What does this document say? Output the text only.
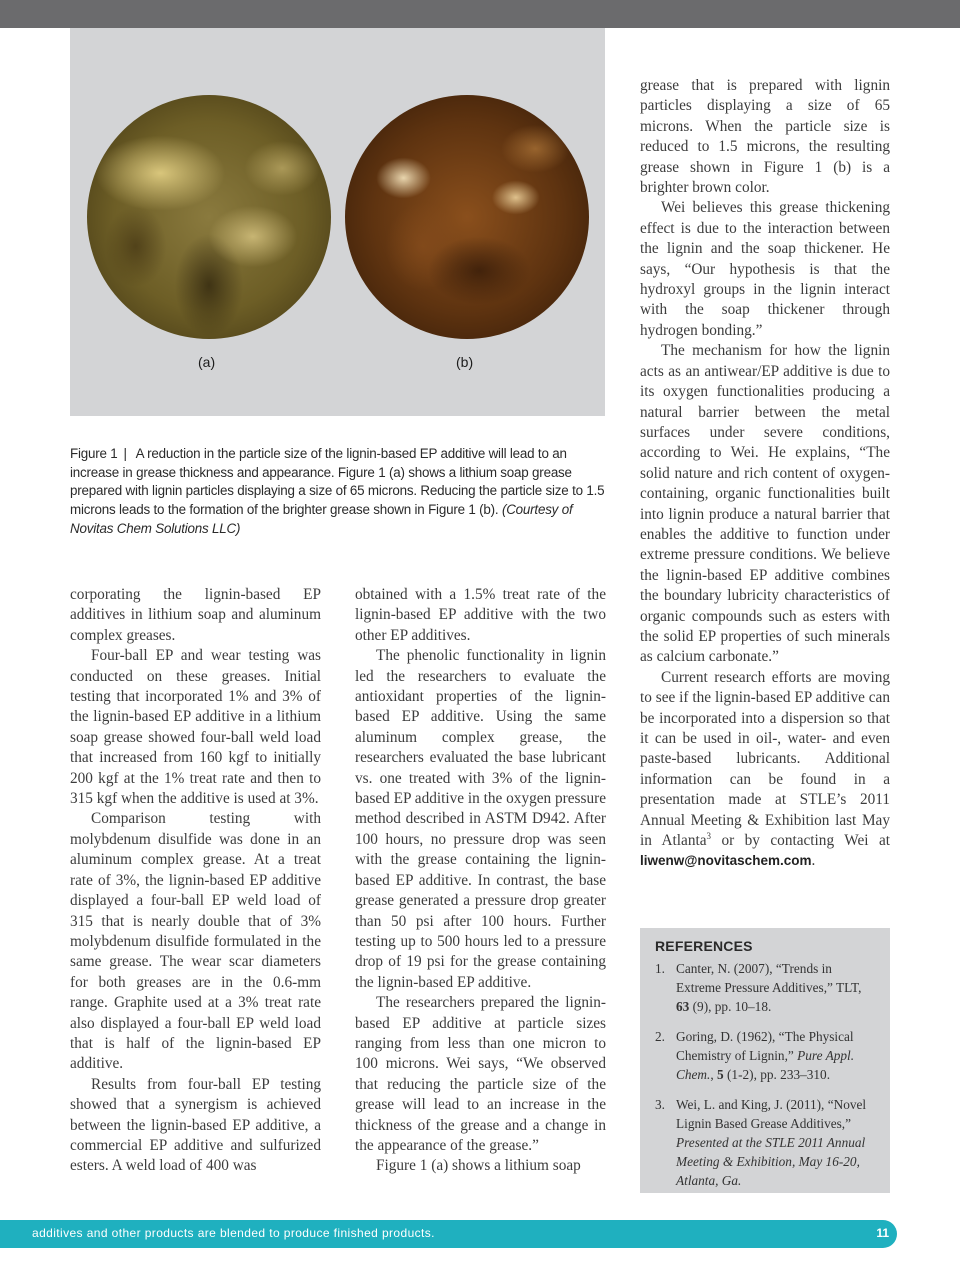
(a)	(b)
Figure 1 | A reduction in the particle size of the lignin-based EP additive will lead to an increase in grease thickness and appearance. Figure 1 (a) shows a lithium soap grease prepared with lignin particles displaying a size of 65 microns. Reducing the particle size to 1.5 microns leads to the formation of the brighter grease shown in Figure 1 (b). (Courtesy of Novitas Chem Solutions LLC)

corporating the lignin-based EP additives in lithium soap and aluminum complex greases.

Four-ball EP and wear testing was conducted on these greases. Initial testing that incorporated 1% and 3% of the lignin-based EP additive in a lithium soap grease showed four-ball weld load that increased from 160 kgf to initially 200 kgf at the 1% treat rate and then to 315 kgf when the additive is used at 3%.

Comparison testing with molybdenum disulfide was done in an aluminum complex grease. At a treat rate of 3%, the lignin-based EP additive displayed a four-ball EP weld load of 315 that is nearly double that of 3% molybdenum disulfide formulated in the same grease. The wear scar diameters for both greases are in the 0.6-mm range. Graphite used at a 3% treat rate also displayed a four-ball EP weld load that is half of the lignin-based EP additive.

Results from four-ball EP testing showed that a synergism is achieved between the lignin-based EP additive, a commercial EP additive and sulfurized esters. A weld load of 400 was

obtained with a 1.5% treat rate of the lignin-based EP additive with the two other EP additives.

The phenolic functionality in lignin led the researchers to evaluate the antioxidant properties of the lignin-based EP additive. Using the same aluminum complex grease, the researchers evaluated the base lubricant vs. one treated with 3% of the lignin-based EP additive in the oxygen pressure method described in ASTM D942. After 100 hours, no pressure drop was seen with the grease containing the lignin-based EP additive. In contrast, the base grease generated a pressure drop greater than 50 psi after 100 hours. Further testing up to 500 hours led to a pressure drop of 19 psi for the grease containing the lignin-based EP additive.

The researchers prepared the lignin-based EP additive at particle sizes ranging from less than one micron to 100 microns. Wei says, “We observed that reducing the particle size of the grease will lead to an increase in the thickness of the grease and a change in the appearance of the grease.”

Figure 1 (a) shows a lithium soap

grease that is prepared with lignin particles displaying a size of 65 microns. When the particle size is reduced to 1.5 microns, the resulting grease shown in Figure 1 (b) is a brighter brown color.

Wei believes this grease thickening effect is due to the interaction between the lignin and the soap thickener. He says, “Our hypothesis is that the hydroxyl groups in the lignin interact with the soap thickener through hydrogen bonding.”

The mechanism for how the lignin acts as an antiwear/EP additive is due to its oxygen functionalities producing a natural barrier between the metal surfaces under severe conditions, according to Wei. He explains, “The solid nature and rich content of oxygen-containing, organic functionalities built into lignin produce a natural barrier that enables the additive to function under extreme pressure conditions. We believe the lignin-based EP additive combines the boundary lubricity characteristics of organic compounds such as esters with the solid EP properties of such minerals as calcium carbonate.”

Current research efforts are moving to see if the lignin-based EP additive can be incorporated into a dispersion so that it can be used in oil-, water- and even paste-based lubricants. Additional information can be found in a presentation made at STLE’s 2011 Annual Meeting & Exhibition last May in Atlanta$^3$ or by contacting Wei at liwenw@novitaschem.com.

REFERENCES
1. Canter, N. (2007), “Trends in Extreme Pressure Additives,” TLT, 63 (9), pp. 10–18.
2. Goring, D. (1962), “The Physical Chemistry of Lignin,” Pure Appl. Chem., 5 (1-2), pp. 233–310.
3. Wei, L. and King, J. (2011), “Novel Lignin Based Grease Additives,” Presented at the STLE 2011 Annual Meeting & Exhibition, May 16-20, Atlanta, Ga.
additives and other products are blended to produce finished products.	11
